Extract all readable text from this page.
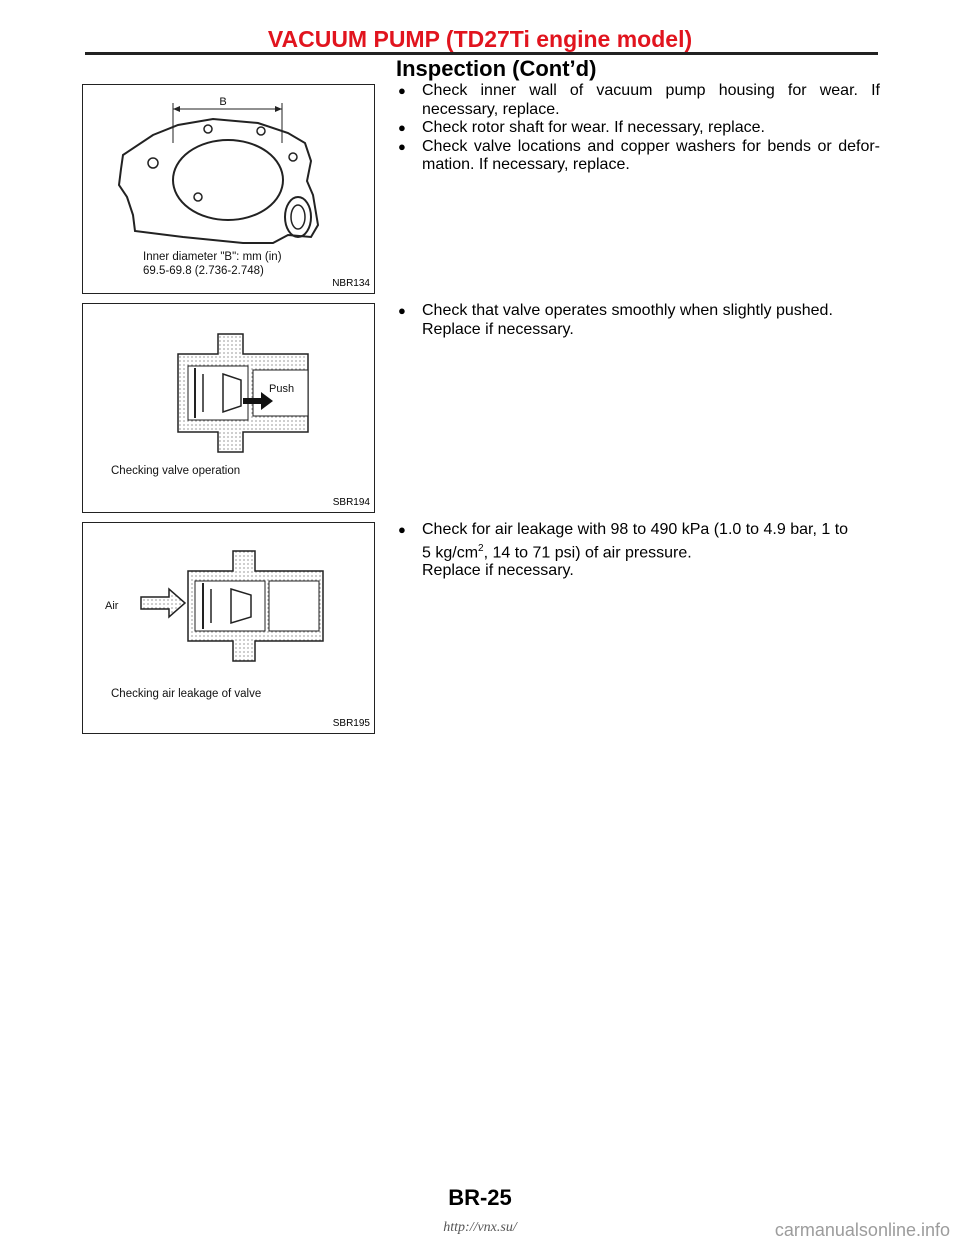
VACUUM PUMP (TD27Ti engine model)
Inspection (Cont’d)
B
Inner diameter "B": mm (in)
69.5-69.8 (2.736-2.748)
NBR134
Push
Checking valve operation
SBR194
Air
Checking air leakage of valve
SBR195
● Check inner wall of vacuum pump housing for wear. If necessary, replace.
● Check rotor shaft for wear. If necessary, replace.
● Check valve locations and copper washers for bends or defor-mation. If necessary, replace.
● Check that valve operates smoothly when slightly pushed.
Replace if necessary.
● Check for air leakage with 98 to 490 kPa (1.0 to 4.9 bar, 1 to
5 $kg/cm^2$, 14 to 71 psi) of air pressure.
Replace if necessary.
BR-25
http://vnx.su/	carmanualsonline.info
